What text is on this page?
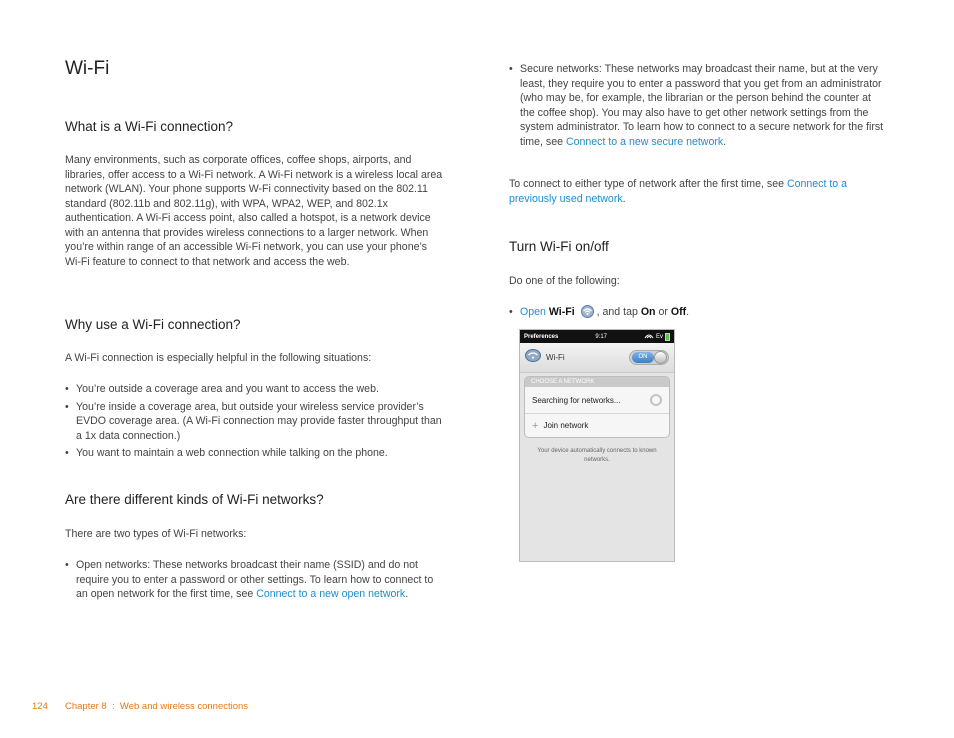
Wi-Fi
What is a Wi-Fi connection?
Many environments, such as corporate offices, coffee shops, airports, and libraries, offer access to a Wi-Fi network. A Wi-Fi network is a wireless local area network (WLAN). Your phone supports W-Fi connectivity based on the 802.11 standard (802.11b and 802.11g), with WPA, WPA2, WEP, and 802.1x authentication. A Wi-Fi access point, also called a hotspot, is a network device with an antenna that provides wireless connections to a larger network. When you’re within range of an accessible Wi-Fi network, you can use your phone’s Wi-Fi feature to connect to that network and access the web.
Why use a Wi-Fi connection?
A Wi-Fi connection is especially helpful in the following situations:
• You’re outside a coverage area and you want to access the web.
• You’re inside a coverage area, but outside your wireless service provider’s EVDO coverage area. (A Wi-Fi connection may provide faster throughput than a 1x data connection.)
• You want to maintain a web connection while talking on the phone.
Are there different kinds of Wi-Fi networks?
There are two types of Wi-Fi networks:
• Open networks: These networks broadcast their name (SSID) and do not require you to enter a password or other settings. To learn how to connect to an open network for the first time, see Connect to a new open network.
• Secure networks: These networks may broadcast their name, but at the very least, they require you to enter a password that you get from an administrator (who may be, for example, the librarian or the person behind the counter at the coffee shop). You may also have to get other network settings from the system administrator. To learn how to connect to a secure network for the first time, see Connect to a new secure network.
To connect to either type of network after the first time, see Connect to a previously used network.
Turn Wi-Fi on/off
Do one of the following:
• Open Wi-Fi , and tap On or Off.
Preferences	9:17	Ev
Wi-Fi	ON
CHOOSE A NETWORK
Searching for networks...
+ Join network
Your device automatically connects to known networks.
124 Chapter 8  :  Web and wireless connections
